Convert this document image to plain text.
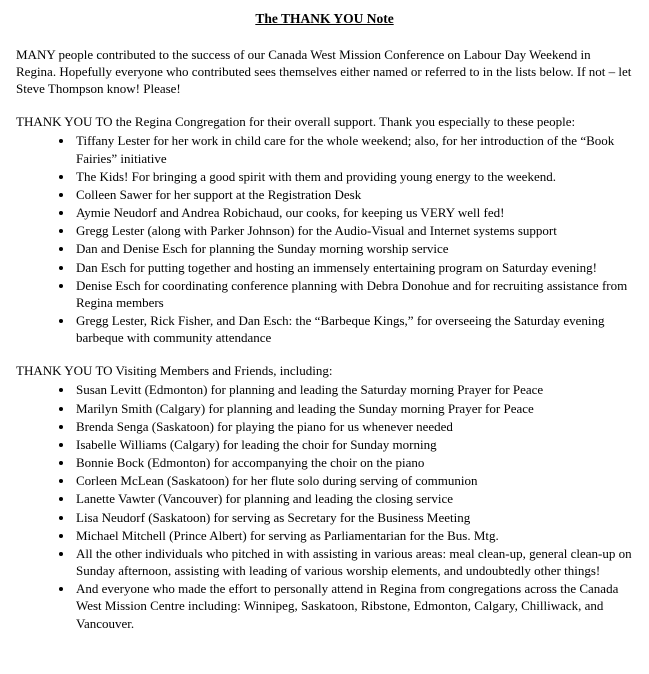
The THANK YOU Note

MANY people contributed to the success of our Canada West Mission Conference on Labour Day Weekend in Regina. Hopefully everyone who contributed sees themselves either named or referred to in the lists below. If not – let Steve Thompson know! Please!

THANK YOU TO the Regina Congregation for their overall support. Thank you especially to these people:

• Tiffany Lester for her work in child care for the whole weekend; also, for her introduction of the “Book Fairies” initiative
• The Kids! For bringing a good spirit with them and providing young energy to the weekend.
• Colleen Sawer for her support at the Registration Desk
• Aymie Neudorf and Andrea Robichaud, our cooks, for keeping us VERY well fed!
• Gregg Lester (along with Parker Johnson) for the Audio-Visual and Internet systems support
• Dan and Denise Esch for planning the Sunday morning worship service
• Dan Esch for putting together and hosting an immensely entertaining program on Saturday evening!
• Denise Esch for coordinating conference planning with Debra Donohue and for recruiting assistance from Regina members
• Gregg Lester, Rick Fisher, and Dan Esch: the “Barbeque Kings,” for overseeing the Saturday evening barbeque with community attendance

THANK YOU TO Visiting Members and Friends, including:

• Susan Levitt (Edmonton) for planning and leading the Saturday morning Prayer for Peace
• Marilyn Smith (Calgary) for planning and leading the Sunday morning Prayer for Peace
• Brenda Senga (Saskatoon) for playing the piano for us whenever needed
• Isabelle Williams (Calgary) for leading the choir for Sunday morning
• Bonnie Bock (Edmonton) for accompanying the choir on the piano
• Corleen McLean (Saskatoon) for her flute solo during serving of communion
• Lanette Vawter (Vancouver) for planning and leading the closing service
• Lisa Neudorf (Saskatoon) for serving as Secretary for the Business Meeting
• Michael Mitchell (Prince Albert) for serving as Parliamentarian for the Bus. Mtg.
• All the other individuals who pitched in with assisting in various areas: meal clean-up, general clean-up on Sunday afternoon, assisting with leading of various worship elements, and undoubtedly other things!
• And everyone who made the effort to personally attend in Regina from congregations across the Canada West Mission Centre including: Winnipeg, Saskatoon, Ribstone, Edmonton, Calgary, Chilliwack, and Vancouver.
